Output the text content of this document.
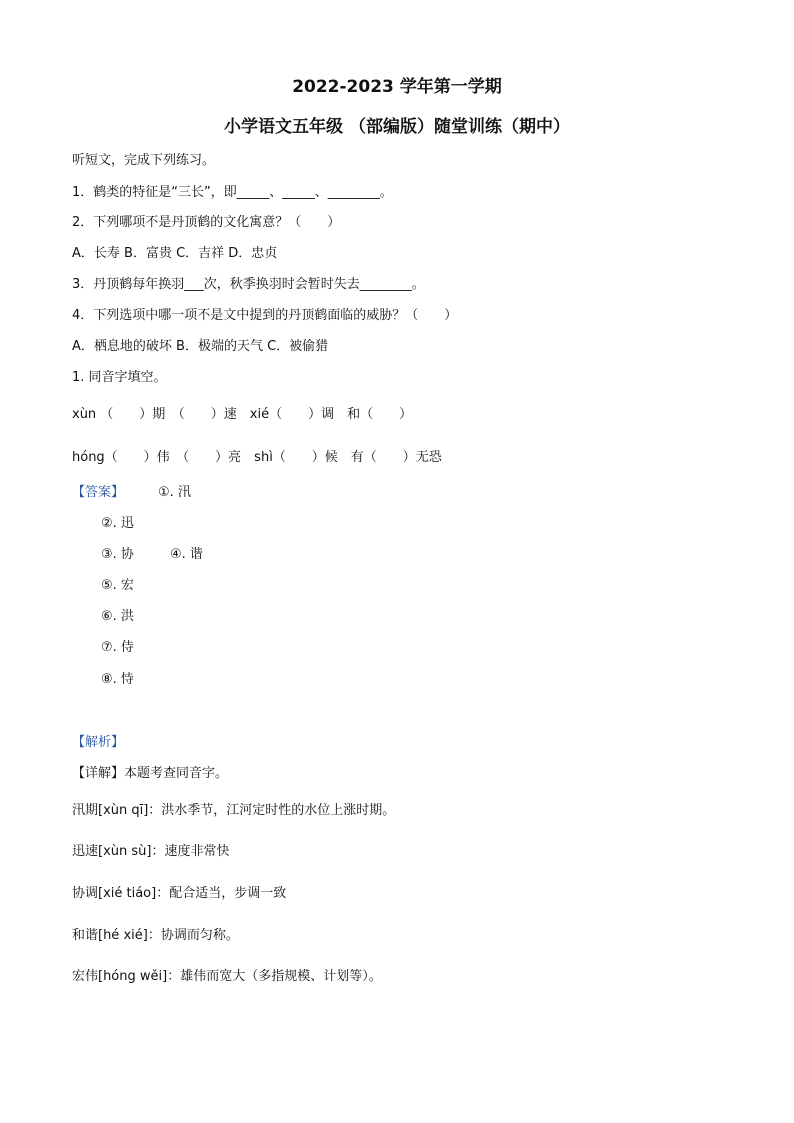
2022-2023 学年第一学期
小学语文五年级 （部编版）随堂训练（期中）
听短文，完成下列练习。
1．鹤类的特征是“三长”，即_____、_____、________。
2．下列哪项不是丹顶鹤的文化寓意？（　　）
A．长寿 B．富贵 C．吉祥 D．忠贞
3．丹顶鹤每年换羽___次，秋季换羽时会暂时失去________。
4．下列选项中哪一项不是文中提到的丹顶鹤面临的威胁？（　　）
A．栖息地的破坏 B．极端的天气 C．被偷猎
1. 同音字填空。
xùn （　　）期　（　　）速　xié（　　）调　和（　　）
hóng（　　）伟　（　　）亮　shì（　　）候　有（　　）无恐
【答案】	①. 汛
②. 迅
③. 协	④. 谐
⑤. 宏
⑥. 洪
⑦. 侍
⑧. 恃
【解析】
【详解】本题考查同音字。
汛期[xùn qī]：洪水季节，江河定时性的水位上涨时期。
迅速[xùn sù]：速度非常快
协调[xié tiáo]：配合适当，步调一致
和谐[hé xié]：协调而匀称。
宏伟[hóng wěi]：雄伟而宽大（多指规模、计划等）。
